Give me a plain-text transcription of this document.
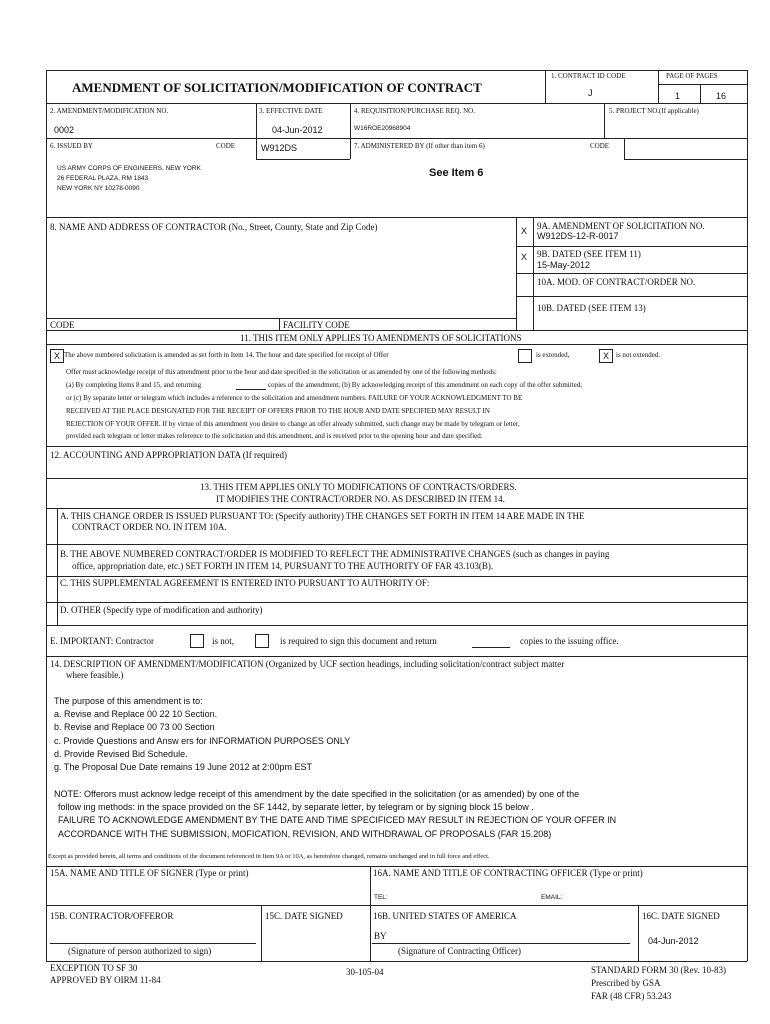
AMENDMENT OF SOLICITATION/MODIFICATION OF CONTRACT
1. CONTRACT ID CODE
J
PAGE OF PAGES
1	16
2. AMENDMENT/MODIFICATION NO.
0002
3. EFFECTIVE DATE
04-Jun-2012
4. REQUISITION/PURCHASE REQ. NO.
W16ROE20968904
5. PROJECT NO.(If applicable)
6. ISSUED BY	CODE	W912DS	7. ADMINISTERED BY (If other than item 6)	CODE
US ARMY CORPS OF ENGINEERS, NEW YORK
26 FEDERAL PLAZA, RM 1843
NEW YORK NY 10278-0090
See Item 6
8. NAME AND ADDRESS OF CONTRACTOR (No., Street, County, State and Zip Code)	X 9A. AMENDMENT OF SOLICITATION NO.
W912DS-12-R-0017
X 9B. DATED (SEE ITEM 11)
15-May-2012
10A. MOD. OF CONTRACT/ORDER NO.
10B. DATED (SEE ITEM 13)
CODE	FACILITY CODE
11. THIS ITEM ONLY APPLIES TO AMENDMENTS OF SOLICITATIONS
X The above numbered solicitation is amended as set forth in Item 14. The hour and date specified for receipt of Offer	is extended,	X	is not extended.
Offer must acknowledge receipt of this amendment prior to the hour and date specified in the solicitation or as amended by one of the following methods:
(a) By completing Items 8 and 15, and returning	copies of the amendment; (b) By acknowledging receipt of this amendment on each copy of the offer submitted;
or (c) By separate letter or telegram which includes a reference to the solicitation and amendment numbers. FAILURE OF YOUR ACKNOWLEDGMENT TO BE
RECEIVED AT THE PLACE DESIGNATED FOR THE RECEIPT OF OFFERS PRIOR TO THE HOUR AND DATE SPECIFIED MAY RESULT IN
REJECTION OF YOUR OFFER. If by virtue of this amendment you desire to change an offer already submitted, such change may be made by telegram or letter,
provided each telegram or letter makes reference to the solicitation and this amendment, and is received prior to the opening hour and date specified.
12. ACCOUNTING AND APPROPRIATION DATA (If required)
13. THIS ITEM APPLIES ONLY TO MODIFICATIONS OF CONTRACTS/ORDERS.
IT MODIFIES THE CONTRACT/ORDER NO. AS DESCRIBED IN ITEM 14.
A. THIS CHANGE ORDER IS ISSUED PURSUANT TO: (Specify authority) THE CHANGES SET FORTH IN ITEM 14 ARE MADE IN THE
CONTRACT ORDER NO. IN ITEM 10A.
B. THE ABOVE NUMBERED CONTRACT/ORDER IS MODIFIED TO REFLECT THE ADMINISTRATIVE CHANGES (such as changes in paying
office, appropriation date, etc.) SET FORTH IN ITEM 14, PURSUANT TO THE AUTHORITY OF FAR 43.103(B).
C. THIS SUPPLEMENTAL AGREEMENT IS ENTERED INTO PURSUANT TO AUTHORITY OF:
D. OTHER (Specify type of modification and authority)
E. IMPORTANT: Contractor	is not,	is required to sign this document and return	copies to the issuing office.
14. DESCRIPTION OF AMENDMENT/MODIFICATION (Organized by UCF section headings, including solicitation/contract subject matter
where feasible.)
The purpose of this amendment is to:
a. Revise and Replace 00 22 10 Section.
b. Revise and Replace 00 73 00 Section
c. Provide Questions and Answ ers for INFORMATION PURPOSES ONLY
d. Provide Revised Bid Schedule.
g. The Proposal Due Date remains 19 June 2012 at 2:00pm EST
NOTE: Offerors must acknow ledge receipt of this amendment by the date specified in the solicitation (or as amended) by one of the
follow ing methods: in the space provided on the SF 1442, by separate letter, by telegram or by signing block 15 below .
FAILURE TO ACKNOWLEDGE AMENDMENT BY THE DATE AND TIME SPECIFICED MAY RESULT IN REJECTION OF YOUR OFFER IN
ACCORDANCE WITH THE SUBMISSION, MOFICATION, REVISION, AND WITHDRAWAL OF PROPOSALS (FAR 15.208)
Except as provided herein, all terms and conditions of the document referenced in Item 9A or 10A, as heretofore changed, remains unchanged and in full force and effect.
15A. NAME AND TITLE OF SIGNER (Type or print)	16A. NAME AND TITLE OF CONTRACTING OFFICER (Type or print)
TEL:	EMAIL:
15B. CONTRACTOR/OFFEROR	15C. DATE SIGNED	16B. UNITED STATES OF AMERICA	16C. DATE SIGNED
BY	04-Jun-2012
(Signature of person authorized to sign)	(Signature of Contracting Officer)
EXCEPTION TO SF 30
APPROVED BY OIRM 11-84
30-105-04	STANDARD FORM 30 (Rev. 10-83)
Prescribed by GSA
FAR (48 CFR) 53.243
